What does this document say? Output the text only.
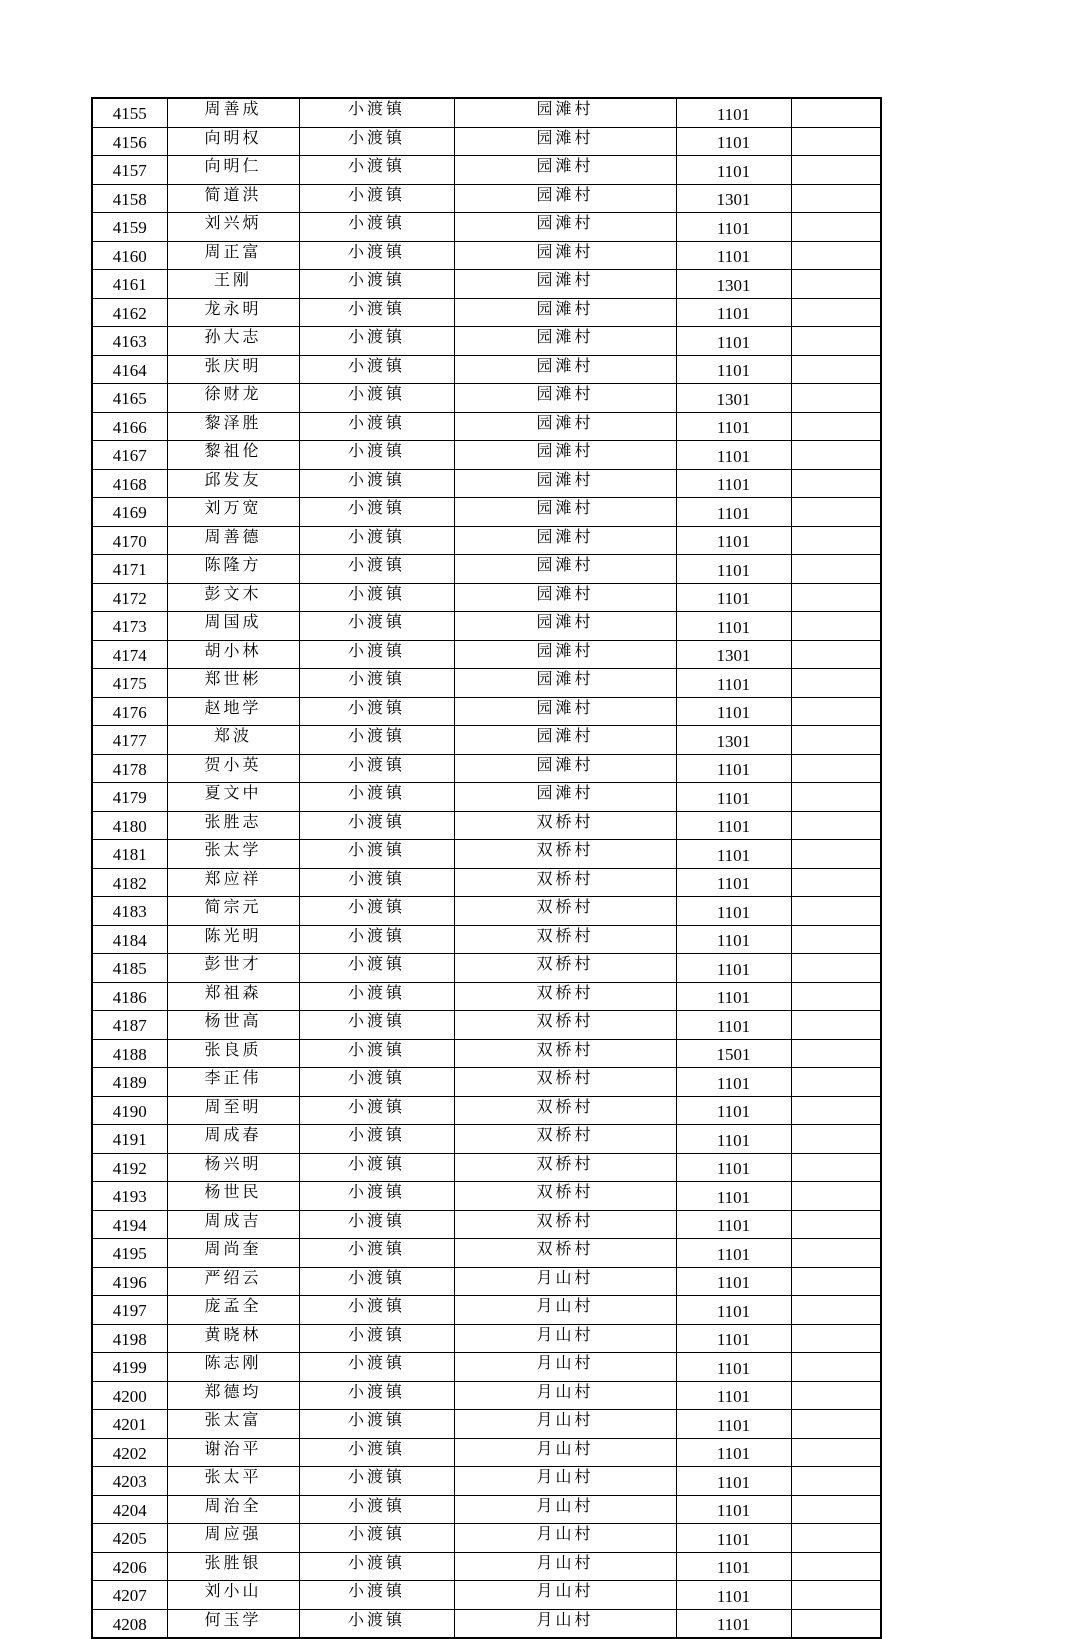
4155	周善成	小渡镇	园滩村	1101	
4156	向明权	小渡镇	园滩村	1101	
4157	向明仁	小渡镇	园滩村	1101	
4158	简道洪	小渡镇	园滩村	1301	
4159	刘兴炳	小渡镇	园滩村	1101	
4160	周正富	小渡镇	园滩村	1101	
4161	王刚	小渡镇	园滩村	1301	
4162	龙永明	小渡镇	园滩村	1101	
4163	孙大志	小渡镇	园滩村	1101	
4164	张庆明	小渡镇	园滩村	1101	
4165	徐财龙	小渡镇	园滩村	1301	
4166	黎泽胜	小渡镇	园滩村	1101	
4167	黎祖伦	小渡镇	园滩村	1101	
4168	邱发友	小渡镇	园滩村	1101	
4169	刘万宽	小渡镇	园滩村	1101	
4170	周善德	小渡镇	园滩村	1101	
4171	陈隆方	小渡镇	园滩村	1101	
4172	彭文木	小渡镇	园滩村	1101	
4173	周国成	小渡镇	园滩村	1101	
4174	胡小林	小渡镇	园滩村	1301	
4175	郑世彬	小渡镇	园滩村	1101	
4176	赵地学	小渡镇	园滩村	1101	
4177	郑波	小渡镇	园滩村	1301	
4178	贺小英	小渡镇	园滩村	1101	
4179	夏文中	小渡镇	园滩村	1101	
4180	张胜志	小渡镇	双桥村	1101	
4181	张太学	小渡镇	双桥村	1101	
4182	郑应祥	小渡镇	双桥村	1101	
4183	简宗元	小渡镇	双桥村	1101	
4184	陈光明	小渡镇	双桥村	1101	
4185	彭世才	小渡镇	双桥村	1101	
4186	郑祖森	小渡镇	双桥村	1101	
4187	杨世高	小渡镇	双桥村	1101	
4188	张良质	小渡镇	双桥村	1501	
4189	李正伟	小渡镇	双桥村	1101	
4190	周至明	小渡镇	双桥村	1101	
4191	周成春	小渡镇	双桥村	1101	
4192	杨兴明	小渡镇	双桥村	1101	
4193	杨世民	小渡镇	双桥村	1101	
4194	周成吉	小渡镇	双桥村	1101	
4195	周尚奎	小渡镇	双桥村	1101	
4196	严绍云	小渡镇	月山村	1101	
4197	庞孟全	小渡镇	月山村	1101	
4198	黄晓林	小渡镇	月山村	1101	
4199	陈志刚	小渡镇	月山村	1101	
4200	郑德均	小渡镇	月山村	1101	
4201	张太富	小渡镇	月山村	1101	
4202	谢治平	小渡镇	月山村	1101	
4203	张太平	小渡镇	月山村	1101	
4204	周治全	小渡镇	月山村	1101	
4205	周应强	小渡镇	月山村	1101	
4206	张胜银	小渡镇	月山村	1101	
4207	刘小山	小渡镇	月山村	1101	
4208	何玉学	小渡镇	月山村	1101	
